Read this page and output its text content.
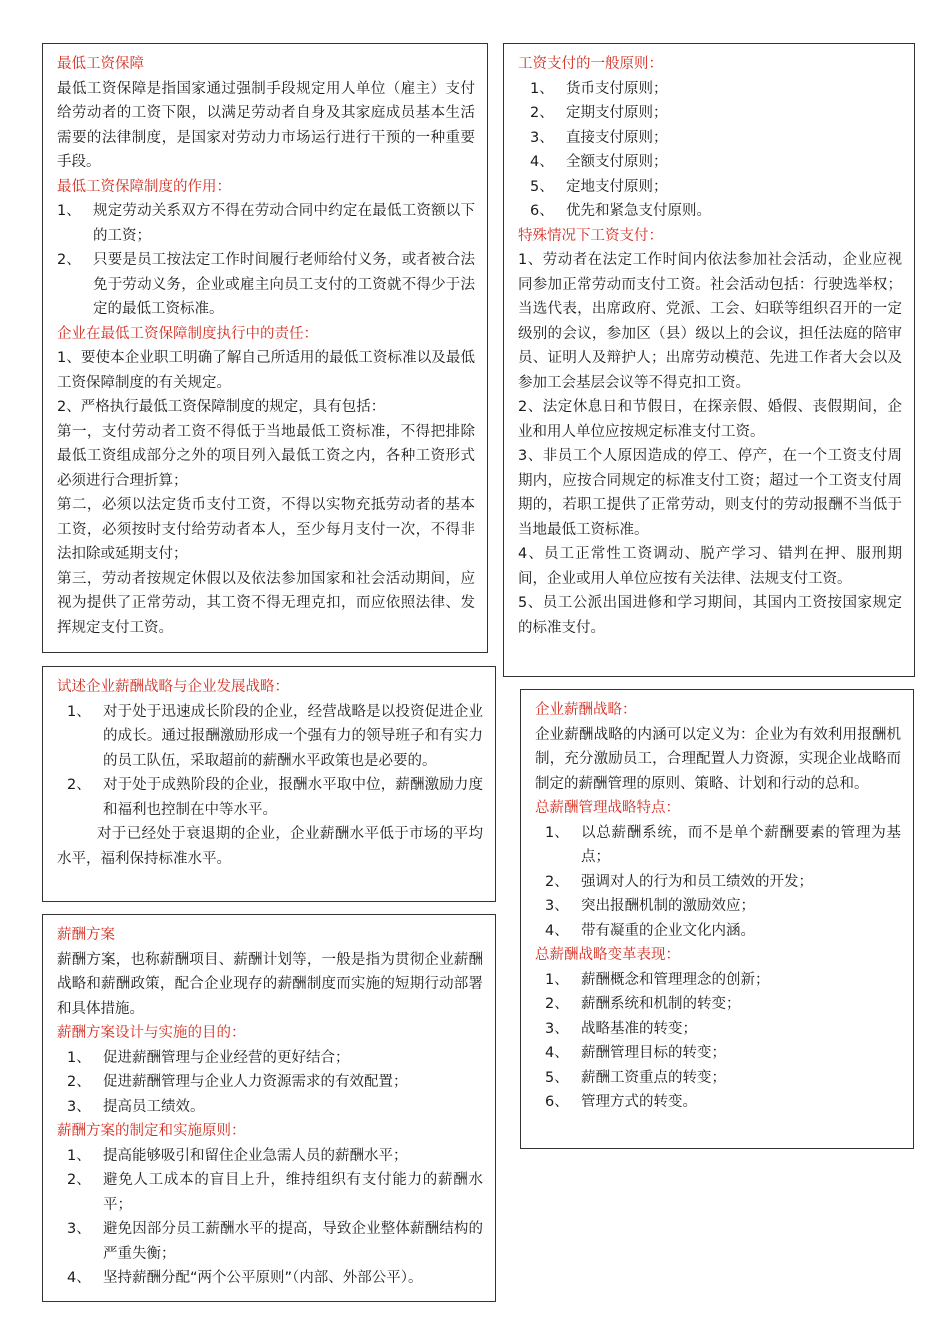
最低工资保障
最低工资保障是指国家通过强制手段规定用人单位（雇主）支付给劳动者的工资下限，以满足劳动者自身及其家庭成员基本生活需要的法律制度，是国家对劳动力市场运行进行干预的一种重要手段。
最低工资保障制度的作用：
1、 规定劳动关系双方不得在劳动合同中约定在最低工资额以下的工资；
2、 只要是员工按法定工作时间履行老师给付义务，或者被合法免于劳动义务，企业或雇主向员工支付的工资就不得少于法定的最低工资标准。
企业在最低工资保障制度执行中的责任：
1、要使本企业职工明确了解自己所适用的最低工资标准以及最低工资保障制度的有关规定。
2、严格执行最低工资保障制度的规定，具有包括：
第一，支付劳动者工资不得低于当地最低工资标准，不得把排除最低工资组成部分之外的项目列入最低工资之内，各种工资形式必须进行合理折算；
第二，必须以法定货币支付工资，不得以实物充抵劳动者的基本工资，必须按时支付给劳动者本人，至少每月支付一次，不得非法扣除或延期支付；
第三，劳动者按规定休假以及依法参加国家和社会活动期间，应视为提供了正常劳动，其工资不得无理克扣，而应依照法律、发挥规定支付工资。
工资支付的一般原则：
1、 货币支付原则；
2、 定期支付原则；
3、 直接支付原则；
4、 全额支付原则；
5、 定地支付原则；
6、 优先和紧急支付原则。
特殊情况下工资支付：
1、劳动者在法定工作时间内依法参加社会活动，企业应视同参加正常劳动而支付工资。社会活动包括：行驶选举权；当选代表，出席政府、党派、工会、妇联等组织召开的一定级别的会议，参加区（县）级以上的会议，担任法庭的陪审员、证明人及辩护人；出席劳动模范、先进工作者大会以及参加工会基层会议等不得克扣工资。
2、法定休息日和节假日，在探亲假、婚假、丧假期间，企业和用人单位应按规定标准支付工资。
3、非员工个人原因造成的停工、停产，在一个工资支付周期内，应按合同规定的标准支付工资；超过一个工资支付周期的，若职工提供了正常劳动，则支付的劳动报酬不当低于当地最低工资标准。
4、员工正常性工资调动、脱产学习、错判在押、服刑期间，企业或用人单位应按有关法律、法规支付工资。
5、员工公派出国进修和学习期间，其国内工资按国家规定的标准支付。
试述企业薪酬战略与企业发展战略：
1、 对于处于迅速成长阶段的企业，经营战略是以投资促进企业的成长。通过报酬激励形成一个强有力的领导班子和有实力的员工队伍，采取超前的薪酬水平政策也是必要的。
2、 对于处于成熟阶段的企业，报酬水平取中位，薪酬激励力度和福利也控制在中等水平。
对于已经处于衰退期的企业，企业薪酬水平低于市场的平均水平，福利保持标准水平。
企业薪酬战略：
企业薪酬战略的内涵可以定义为：企业为有效利用报酬机制，充分激励员工，合理配置人力资源，实现企业战略而制定的薪酬管理的原则、策略、计划和行动的总和。
总薪酬管理战略特点：
1、 以总薪酬系统，而不是单个薪酬要素的管理为基点；
2、 强调对人的行为和员工绩效的开发；
3、 突出报酬机制的激励效应；
4、 带有凝重的企业文化内涵。
总薪酬战略变革表现：
1、 薪酬概念和管理理念的创新；
2、 薪酬系统和机制的转变；
3、 战略基准的转变；
4、 薪酬管理目标的转变；
5、 薪酬工资重点的转变；
6、 管理方式的转变。
薪酬方案
薪酬方案，也称薪酬项目、薪酬计划等，一般是指为贯彻企业薪酬战略和薪酬政策，配合企业现存的薪酬制度而实施的短期行动部署和具体措施。
薪酬方案设计与实施的目的：
1、 促进薪酬管理与企业经营的更好结合；
2、 促进薪酬管理与企业人力资源需求的有效配置；
3、 提高员工绩效。
薪酬方案的制定和实施原则：
1、 提高能够吸引和留住企业急需人员的薪酬水平；
2、 避免人工成本的盲目上升，维持组织有支付能力的薪酬水平；
3、 避免因部分员工薪酬水平的提高，导致企业整体薪酬结构的严重失衡；
4、 坚持薪酬分配“两个公平原则”（内部、外部公平）。
